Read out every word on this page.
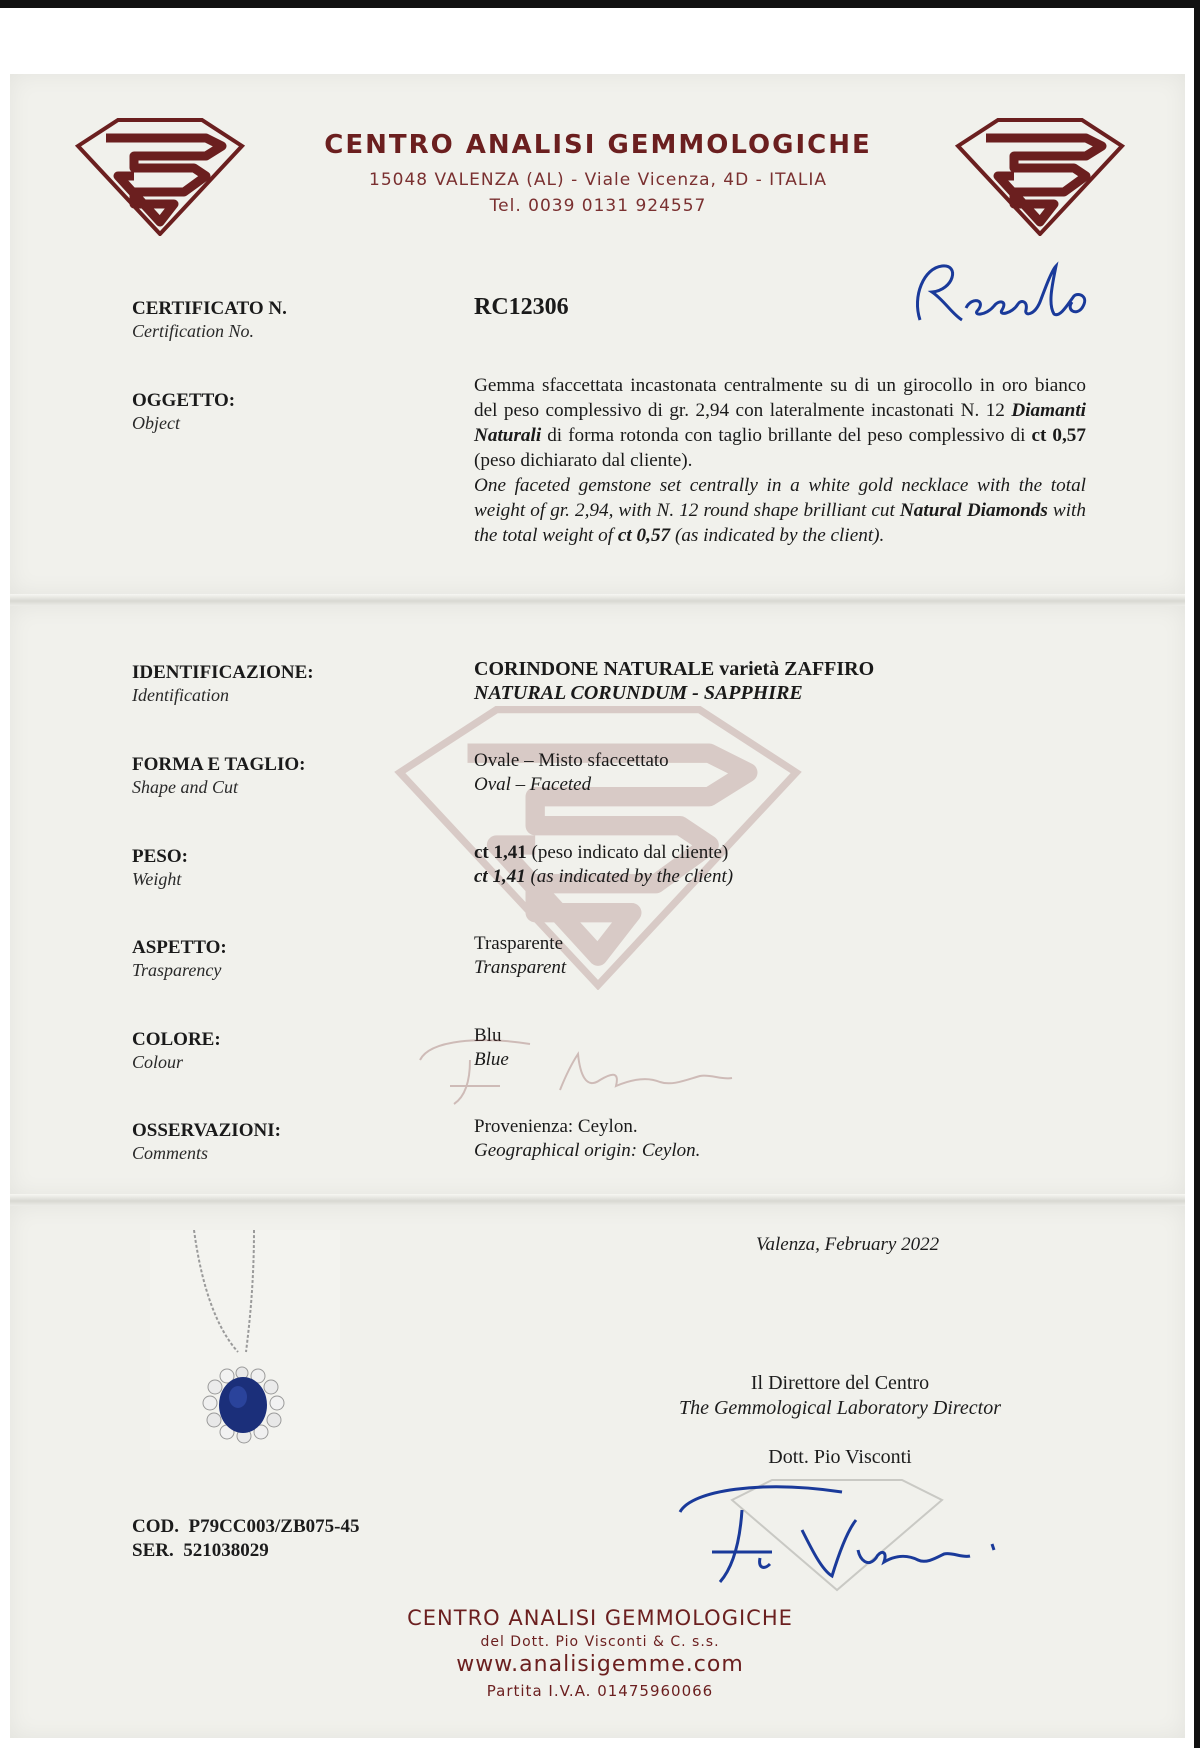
CENTRO ANALISI GEMMOLOGICHE
15048 VALENZA (AL) - Viale Vicenza, 4D - ITALIA
Tel. 0039 0131 924557
CERTIFICATO N.
Certification No.
RC12306
OGGETTO:
Object
Gemma sfaccettata incastonata centralmente su di un girocollo in oro bianco del peso complessivo di gr. 2,94 con lateralmente incastonati N. 12 Diamanti Naturali di forma rotonda con taglio brillante del peso complessivo di ct 0,57 (peso dichiarato dal cliente).
One faceted gemstone set centrally in a white gold necklace with the total weight of gr. 2,94, with N. 12 round shape brilliant cut Natural Diamonds with the total weight of ct 0,57 (as indicated by the client).
IDENTIFICAZIONE:
Identification
CORINDONE NATURALE varietà ZAFFIRO
NATURAL CORUNDUM - SAPPHIRE
FORMA E TAGLIO:
Shape and Cut
Ovale – Misto sfaccettato
Oval – Faceted
PESO:
Weight
ct 1,41 (peso indicato dal cliente)
ct 1,41 (as indicated by the client)
ASPETTO:
Trasparency
Trasparente
Transparent
COLORE:
Colour
Blu
Blue
OSSERVAZIONI:
Comments
Provenienza: Ceylon.
Geographical origin: Ceylon.
Valenza, February 2022
COD. P79CC003/ZB075-45
SER. 521038029
Il Direttore del Centro
The Gemmological Laboratory Director
Dott. Pio Visconti
CENTRO ANALISI GEMMOLOGICHE
del Dott. Pio Visconti & C. s.s.
www.analisigemme.com
Partita I.V.A. 01475960066
